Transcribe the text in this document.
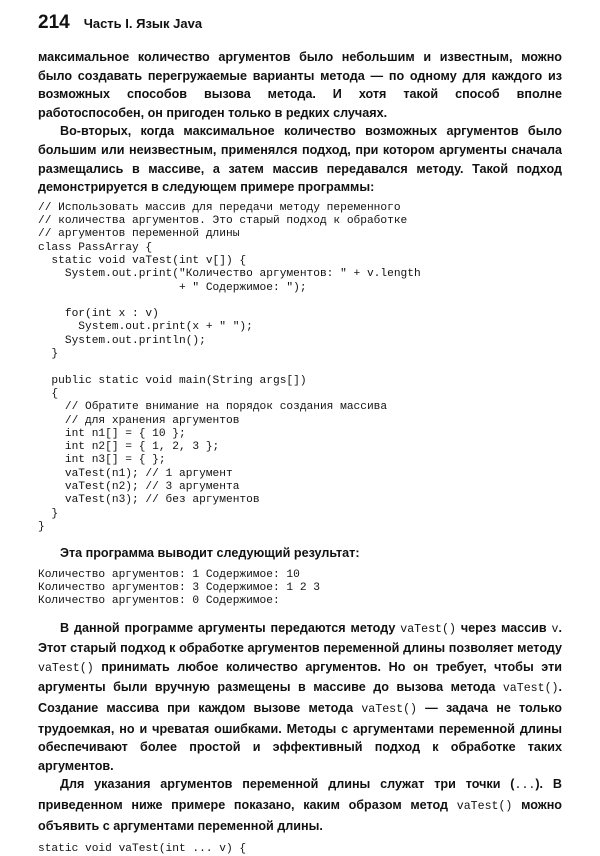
214 Часть I. Язык Java

максимальное количество аргументов было небольшим и известным, можно было создавать перегружаемые варианты метода — по одному для каждого из возможных способов вызова метода. И хотя такой способ вполне работоспособен, он пригоден только в редких случаях.

Во-вторых, когда максимальное количество возможных аргументов было большим или неизвестным, применялся подход, при котором аргументы сначала размещались в массиве, а затем массив передавался методу. Такой подход демонстрируется в следующем примере программы:

// Использовать массив для передачи методу переменного
// количества аргументов. Это старый подход к обработке
// аргументов переменной длины
class PassArray {
static void vaTest(int v[]) {
System.out.print("Количество аргументов: " + v.length
+ " Содержимое: ");

for(int x : v)
System.out.print(x + " ");
System.out.println();
}

public static void main(String args[])
{
// Обратите внимание на порядок создания массива
// для хранения аргументов
int n1[] = { 10 };
int n2[] = { 1, 2, 3 };
int n3[] = { };
vaTest(n1); // 1 аргумент
vaTest(n2); // 3 аргумента
vaTest(n3); // без аргументов
}
}

Эта программа выводит следующий результат:

Количество аргументов: 1 Содержимое: 10
Количество аргументов: 3 Содержимое: 1 2 3
Количество аргументов: 0 Содержимое:

В данной программе аргументы передаются методу vaTest() через массив v. Этот старый подход к обработке аргументов переменной длины позволяет методу vaTest() принимать любое количество аргументов. Но он требует, чтобы эти аргументы были вручную размещены в массиве до вызова метода vaTest(). Создание массива при каждом вызове метода vaTest() — задача не только трудоемкая, но и чреватая ошибками. Методы с аргументами переменной длины обеспечивают более простой и эффективный подход к обработке таких аргументов.

Для указания аргументов переменной длины служат три точки (...). В приведенном ниже примере показано, каким образом метод vaTest() можно объявить с аргументами переменной длины.

static void vaTest(int ... v) {
